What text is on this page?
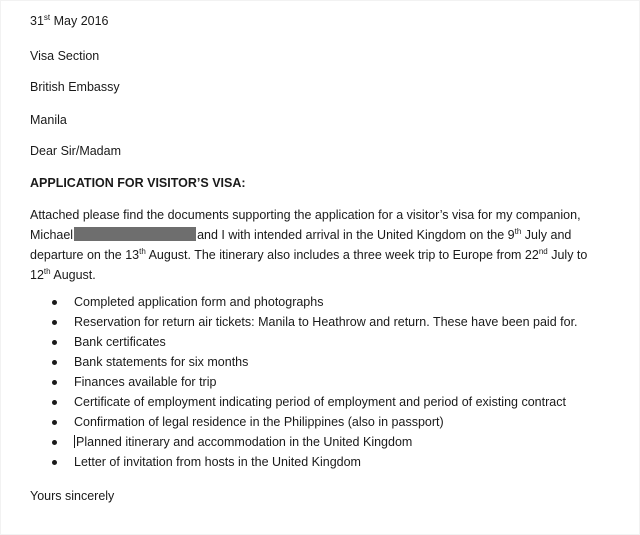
31st May 2016
Visa Section
British Embassy
Manila
Dear Sir/Madam
APPLICATION FOR VISITOR’S VISA:
Attached please find the documents supporting the application for a visitor’s visa for my companion,
Michael	and I with intended arrival in the United Kingdom on the 9th July and
departure on the 13th August. The itinerary also includes a three week trip to Europe from 22nd July to
12th August.
Completed application form and photographs
Reservation for return air tickets: Manila to Heathrow and return. These have been paid for.
Bank certificates
Bank statements for six months
Finances available for trip
Certificate of employment indicating period of employment and period of existing contract
Confirmation of legal residence in the Philippines (also in passport)
Planned itinerary and accommodation in the United Kingdom
Letter of invitation from hosts in the United Kingdom
Yours sincerely
